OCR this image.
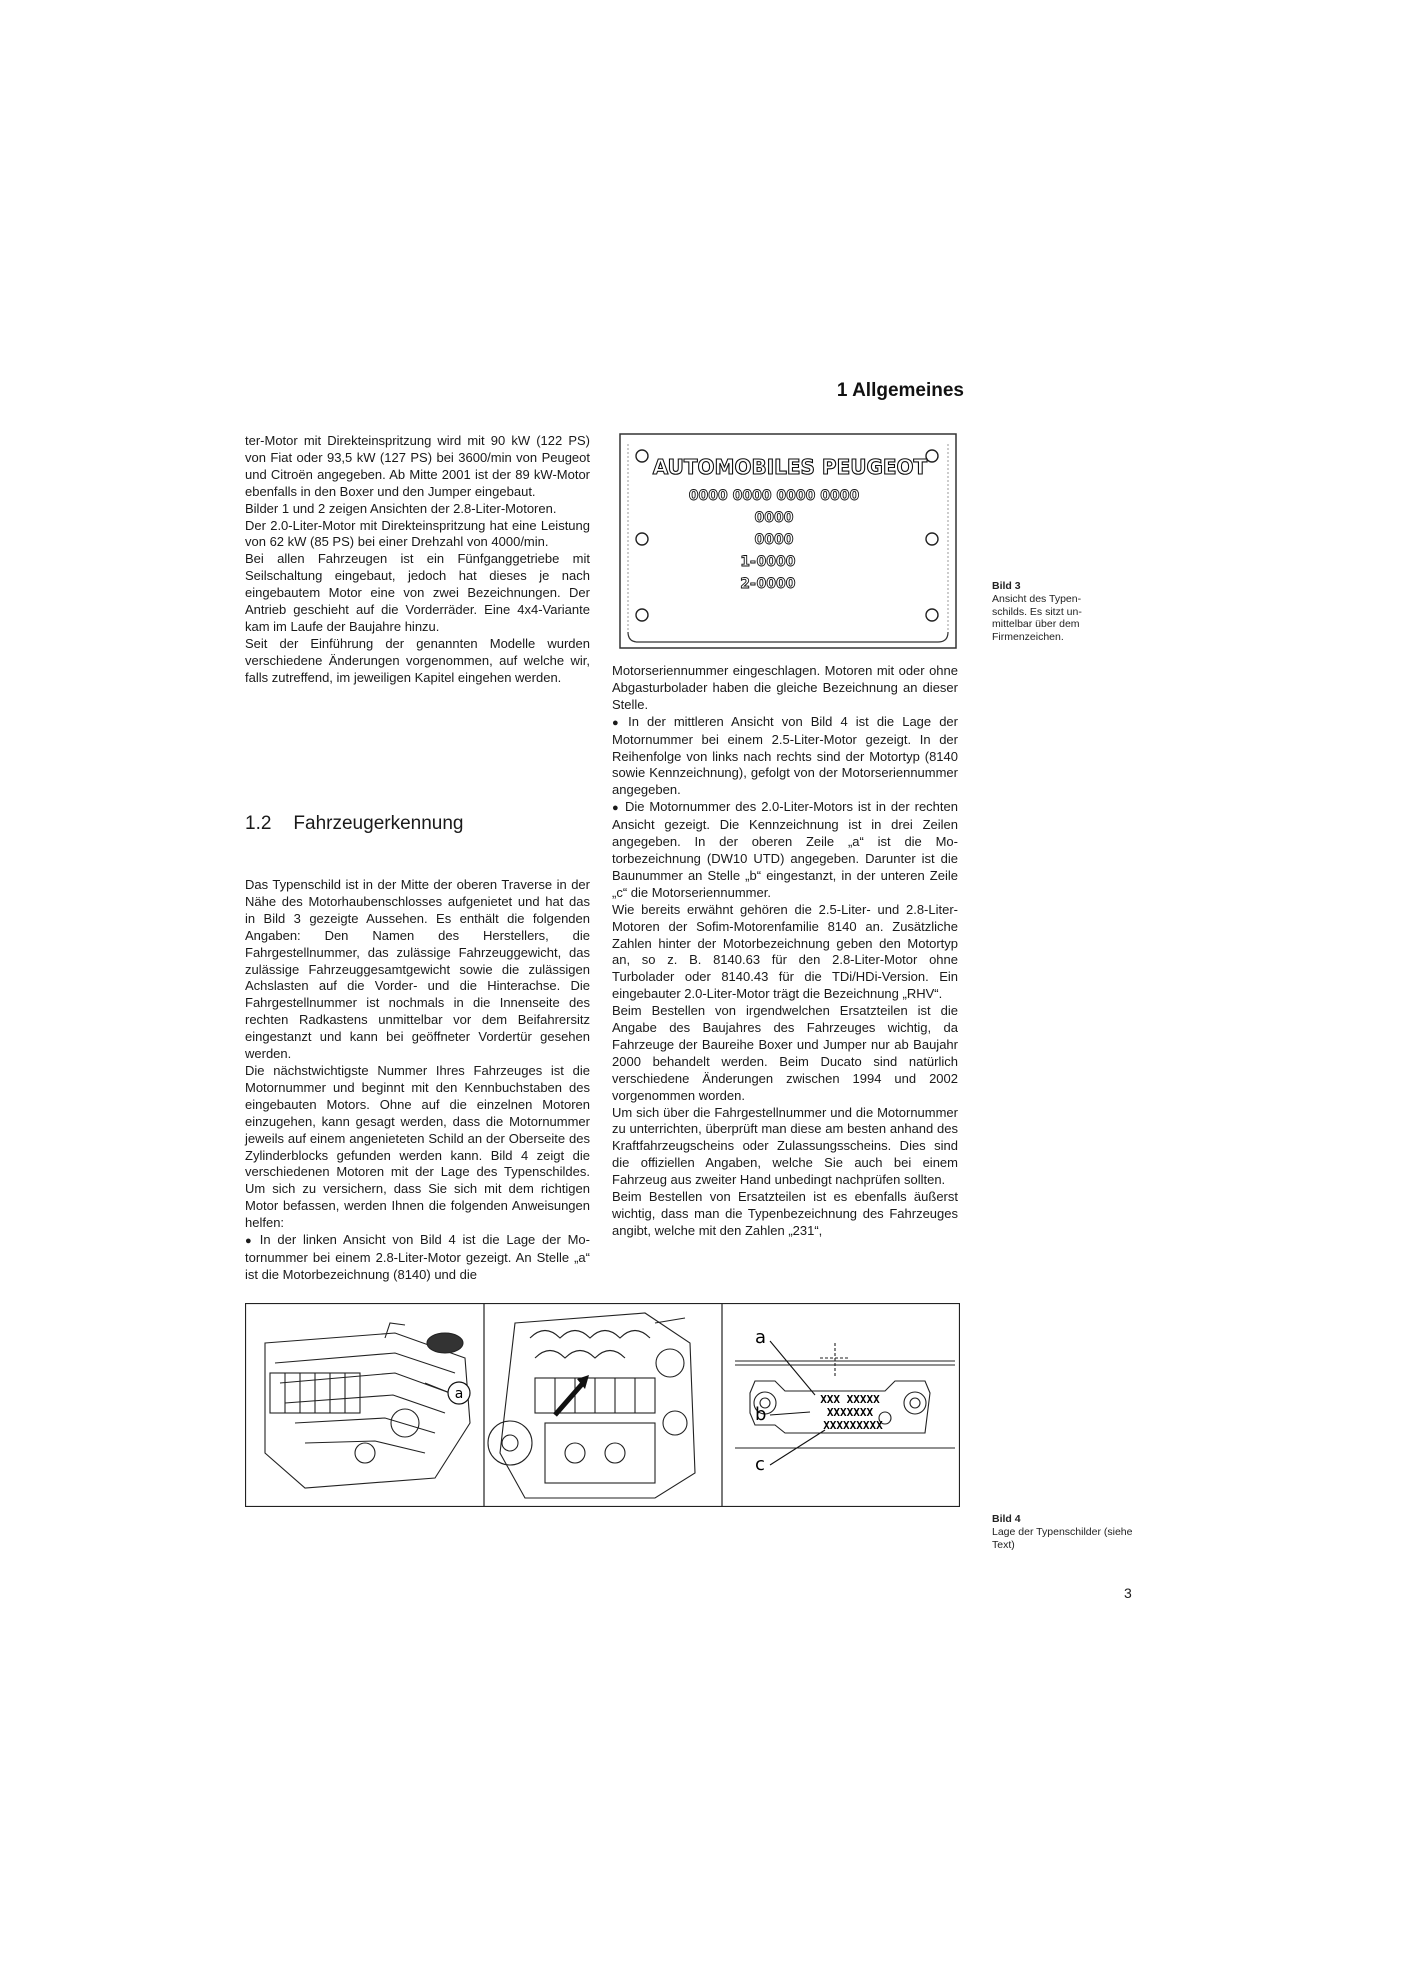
1 Allgemeines

ter-Motor mit Direkteinspritzung wird mit 90 kW (122 PS) von Fiat oder 93,5 kW (127 PS) bei 3600/min von Peugeot und Citroën angegeben. Ab Mitte 2001 ist der 89 kW-Motor ebenfalls in den Boxer und den Jumper eingebaut.

Bilder 1 und 2 zeigen Ansichten der 2.8-Liter-Motoren.

Der 2.0-Liter-Motor mit Direkteinspritzung hat eine Leistung von 62 kW (85 PS) bei einer Drehzahl von 4000/min.

Bei allen Fahrzeugen ist ein Fünfganggetriebe mit Seilschaltung eingebaut, jedoch hat dieses je nach eingebautem Motor eine von zwei Bezeichnungen. Der Antrieb geschieht auf die Vorderräder. Eine 4x4-Variante kam im Laufe der Baujahre hinzu.

Seit der Einführung der genannten Modelle wurden verschiedene Änderungen vorgenommen, auf welche wir, falls zutreffend, im jeweiligen Kapitel eingehen werden.

1.2 Fahrzeugerkennung

Das Typenschild ist in der Mitte der oberen Traverse in der Nähe des Motorhaubenschlosses aufgenietet und hat das in Bild 3 gezeigte Aussehen. Es enthält die folgenden Angaben: Den Namen des Herstellers, die Fahrgestellnummer, das zulässige Fahrzeuggewicht, das zulässige Fahrzeuggesamtgewicht sowie die zulässigen Achslasten auf die Vorder- und die Hinterachse. Die Fahrgestellnummer ist nochmals in die Innenseite des rechten Radkastens unmittelbar vor dem Beifahrersitz eingestanzt und kann bei geöffneter Vordertür gesehen werden.

Die nächstwichtigste Nummer Ihres Fahrzeuges ist die Motornummer und beginnt mit den Kennbuchstaben des eingebauten Motors. Ohne auf die einzelnen Motoren einzugehen, kann gesagt werden, dass die Motornummer jeweils auf einem angenieteten Schild an der Oberseite des Zylinderblocks gefunden werden kann. Bild 4 zeigt die verschiedenen Motoren mit der Lage des Typenschildes. Um sich zu versichern, dass Sie sich mit dem richtigen Motor befassen, werden Ihnen die folgenden Anweisungen helfen:

● In der linken Ansicht von Bild 4 ist die Lage der Motornummer bei einem 2.8-Liter-Motor gezeigt. An Stelle „a“ ist die Motorbezeichnung (8140) und die

Motorseriennummer eingeschlagen. Motoren mit oder ohne Abgasturbolader haben die gleiche Bezeichnung an dieser Stelle.

● In der mittleren Ansicht von Bild 4 ist die Lage der Motornummer bei einem 2.5-Liter-Motor gezeigt. In der Reihenfolge von links nach rechts sind der Motortyp (8140 sowie Kennzeichnung), gefolgt von der Motorseriennummer angegeben.

● Die Motornummer des 2.0-Liter-Motors ist in der rechten Ansicht gezeigt. Die Kennzeichnung ist in drei Zeilen angegeben. In der oberen Zeile „a“ ist die Motorbezeichnung (DW10 UTD) angegeben. Darunter ist die Baunummer an Stelle „b“ eingestanzt, in der unteren Zeile „c“ die Motorseriennummer.

Wie bereits erwähnt gehören die 2.5-Liter- und 2.8-Liter-Motoren der Sofim-Motorenfamilie 8140 an. Zusätzliche Zahlen hinter der Motorbezeichnung geben den Motortyp an, so z. B. 8140.63 für den 2.8-Liter-Motor ohne Turbolader oder 8140.43 für die TDi/HDi-Version. Ein eingebauter 2.0-Liter-Motor trägt die Bezeichnung „RHV“.

Beim Bestellen von irgendwelchen Ersatzteilen ist die Angabe des Baujahres des Fahrzeuges wichtig, da Fahrzeuge der Baureihe Boxer und Jumper nur ab Baujahr 2000 behandelt werden. Beim Ducato sind natürlich verschiedene Änderungen zwischen 1994 und 2002 vorgenommen worden.

Um sich über die Fahrgestellnummer und die Motornummer zu unterrichten, überprüft man diese am besten anhand des Kraftfahrzeugscheins oder Zulassungsscheins. Dies sind die offiziellen Angaben, welche Sie auch bei einem Fahrzeug aus zweiter Hand unbedingt nachprüfen sollten.

Beim Bestellen von Ersatzteilen ist es ebenfalls äußerst wichtig, dass man die Typenbezeichnung des Fahrzeuges angibt, welche mit den Zahlen „231“,

AUTOMOBILES PEUGEOT
0000 0000 0000 0000
0000
0000
1- 0000
2- 0000	Bild 3
Ansicht des Typenschilds. Es sitzt unmittelbar über dem Firmenzeichen.
a
a
b
c
XXX XXXXX
XXXXXXX
XXXXXXXXX
Bild 4
Lage der Typenschilder (siehe Text)
3
